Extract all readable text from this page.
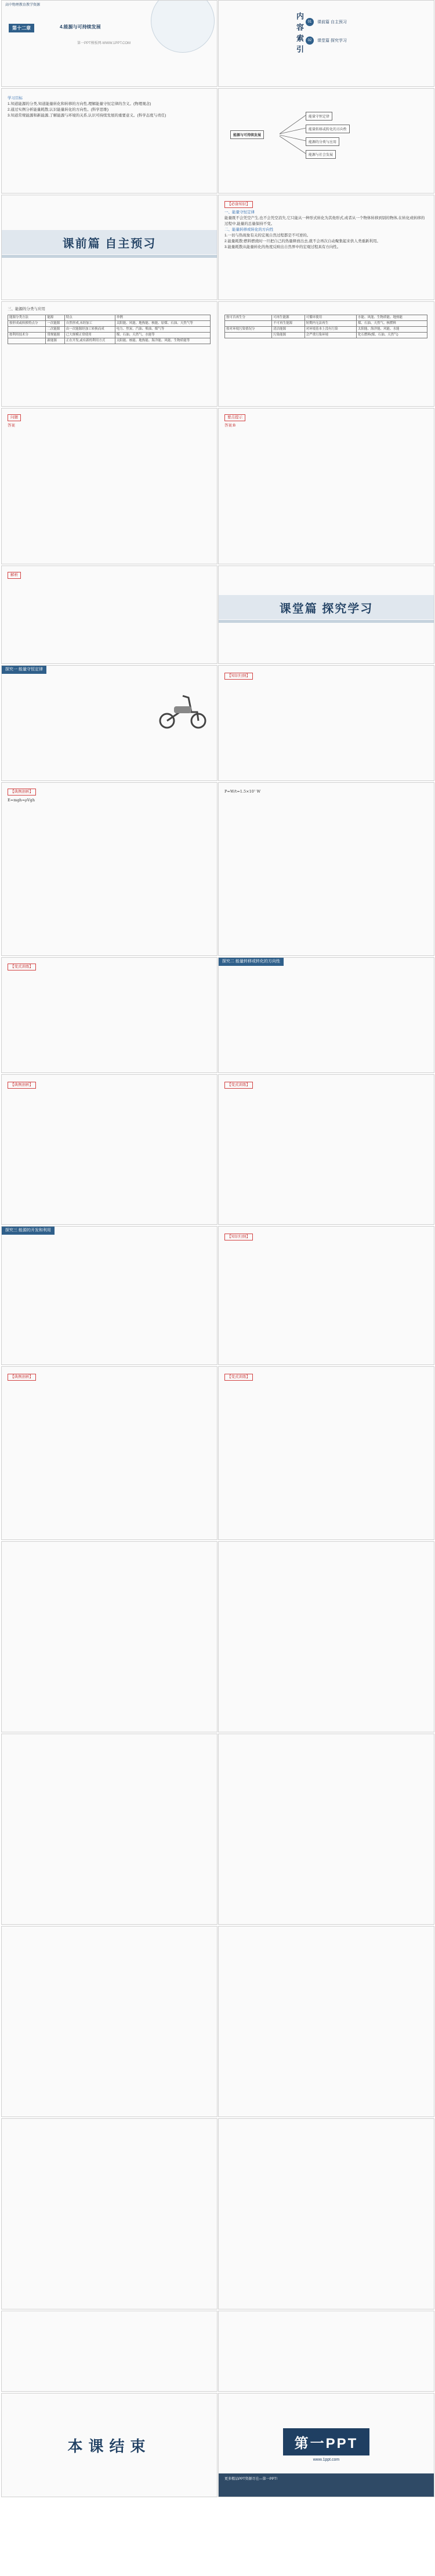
高中物理教育教学资源
第十二章	4.能源与可持续发展
第一PPT模板网-WWW.1PPT.COM	内容索引	01	课前篇 自主预习
02	课堂篇 探究学习
学习目标
1.知道能源的分类,知道能量转化和转移的方向性,理解能量守恒定律的含义。(物理观念)
2.通过实例分析能量耗散,认识能量转化的方向性。(科学思维)
3.知道常规能源和新能源,了解能源与环境的关系,认识可持续发展的重要意义。(科学态度与责任)
能源与可持续发展
能量守恒定律
能量转移或转化的方向性
能源的分类与应用
能源与社会发展
课前篇 自主预习
【必备知识】
一、能量守恒定律
能量既不会凭空产生,也不会凭空消失,它只能从一种形式转化为其他形式,或者从一个物体转移到别的物体,在转化或转移的过程中,能量的总量保持不变。
二、能量转移或转化的方向性
1.一切与热现象有关的宏观自然过程都是不可逆的。
2.能量耗散:燃料燃烧时一旦把自己的热量释放出去,就不会再次自动聚集起来供人类重新利用。
3.能量耗散从能量转化的角度反映出自然界中的宏观过程具有方向性。
三、能源的分类与应用
能源分类方法	能源	特点	举例
按形成或转换特点分	一次能源	自然形成,未经加工	太阳能、风能、地热能、核能、原煤、石油、天然气等
	二次能源	由一次能源经加工转换而成	电力、焦炭、汽油、柴油、煤气等
按利用技术分	常规能源	已大规模正常使用	煤、石油、天然气、水能等
	新能源	正在开发,或有新的利用方式	太阳能、核能、地热能、海洋能、风能、生物质能等
按可否再生分	可再生能源	可循环使用	水能、风能、生物质能、地热能
	不可再生能源	短期内无法再生	煤、石油、天然气、核燃料
按对环境污染情况分	清洁能源	对环境基本上没有污染	太阳能、海洋能、风能、水能
	污染能源	会严重污染环境	化石燃料(煤、石油、天然气)
问题
答案
要点提示
答案:B
解析
课堂篇 探究学习
探究一 能量守恒定律
【知识归纳】
【典例剖析】
E=mgh=ρVgh
P=W/t=1.5×10⁷ W
【变式训练】
探究二 能量转移或转化的方向性
【典例剖析】	【变式训练】
探究三 能源的开发和利用
【知识归纳】
【典例剖析】	【变式训练】
本课结束	第一PPT
www.1ppt.com
更多精品PPT资源尽在—第一PPT!
